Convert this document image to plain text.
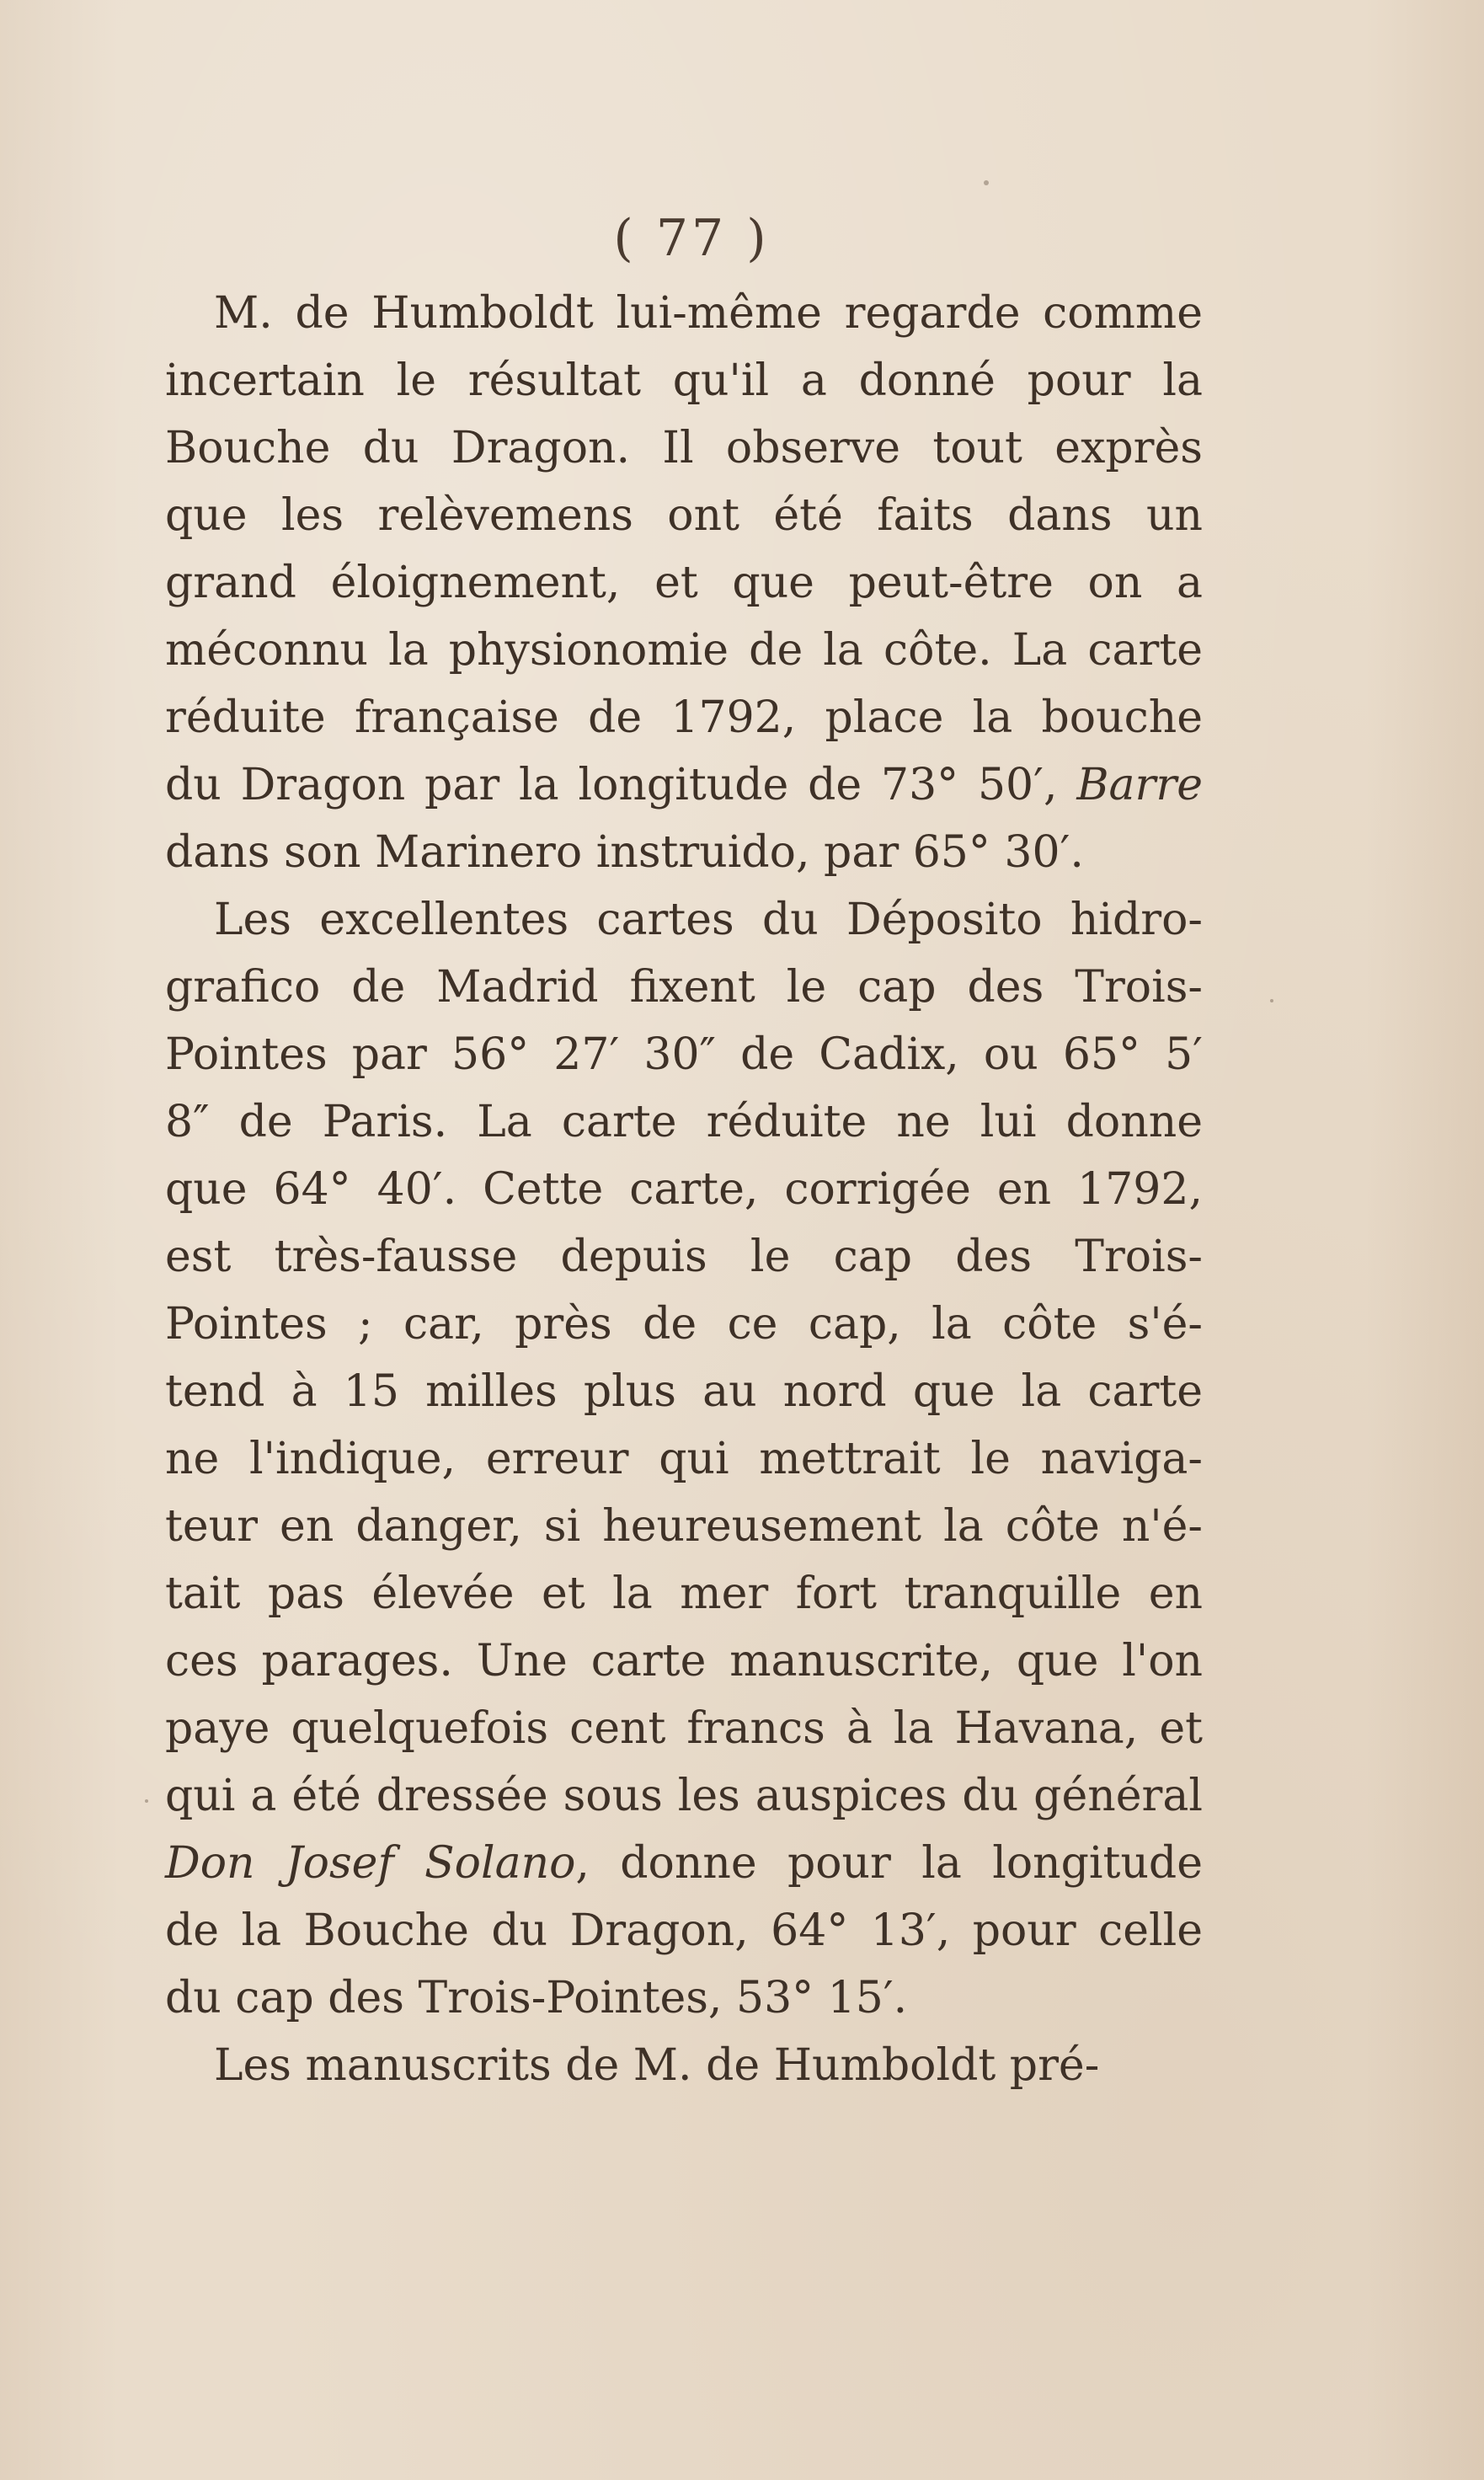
( 77 )
M. de Humboldt lui-même regarde comme
incertain le résultat qu'il a donné pour la
Bouche du Dragon. Il observe tout exprès
que les relèvemens ont été faits dans un
grand éloignement, et que peut-être on a
méconnu la physionomie de la côte. La carte
réduite française de 1792, place la bouche
du Dragon par la longitude de 73° 50′, Barre
dans son Marinero instruido, par 65° 30′.
Les excellentes cartes du Déposito hidro-
grafico de Madrid fixent le cap des Trois-
Pointes par 56° 27′ 30″ de Cadix, ou 65° 5′
8″ de Paris. La carte réduite ne lui donne
que 64° 40′. Cette carte, corrigée en 1792,
est très-fausse depuis le cap des Trois-
Pointes ; car, près de ce cap, la côte s'é-
tend à 15 milles plus au nord que la carte
ne l'indique, erreur qui mettrait le naviga-
teur en danger, si heureusement la côte n'é-
tait pas élevée et la mer fort tranquille en
ces parages. Une carte manuscrite, que l'on
paye quelquefois cent francs à la Havana, et
qui a été dressée sous les auspices du général
Don Josef Solano, donne pour la longitude
de la Bouche du Dragon, 64° 13′, pour celle
du cap des Trois-Pointes, 53° 15′.
Les manuscrits de M. de Humboldt pré-
